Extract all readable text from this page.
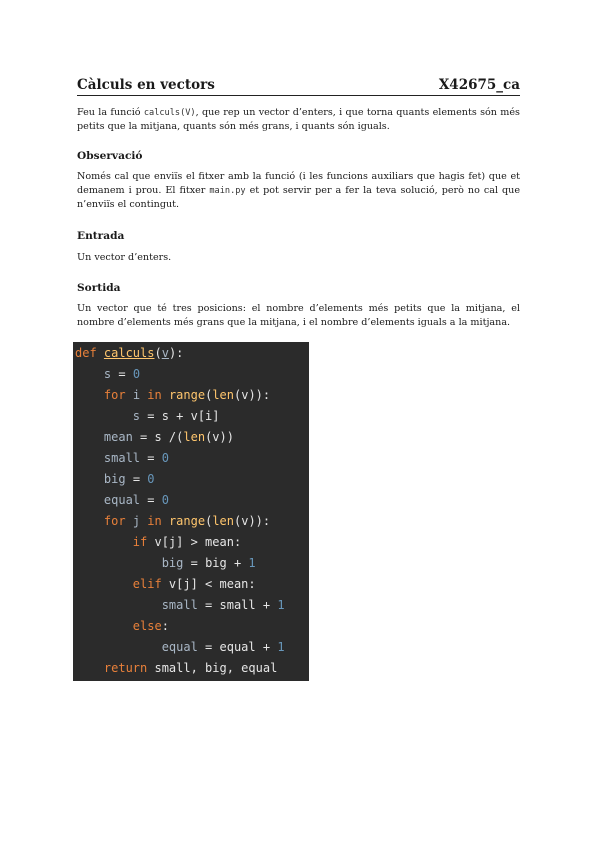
Càlculs en vectors	X42675_ca
Feu la funció calculs(V), que rep un vector d’enters, i que torna quants elements són més petits que la mitjana, quants són més grans, i quants són iguals.
Observació
Només cal que enviïs el fitxer amb la funció (i les funcions auxiliars que hagis fet) que et demanem i prou. El fitxer main.py et pot servir per a fer la teva solució, però no cal que n’enviïs el contingut.
Entrada
Un vector d’enters.
Sortida
Un vector que té tres posicions: el nombre d’elements més petits que la mitjana, el nombre d’elements més grans que la mitjana, i el nombre d’elements iguals a la mitjana.
def calculs(v):
s = 0
for i in range(len(v)):
s = s + v[i]
mean = s /(len(v))
small = 0
big = 0
equal = 0
for j in range(len(v)):
if v[j] > mean:
big = big + 1
elif v[j] < mean:
small = small + 1
else:
equal = equal + 1
return small, big, equal
